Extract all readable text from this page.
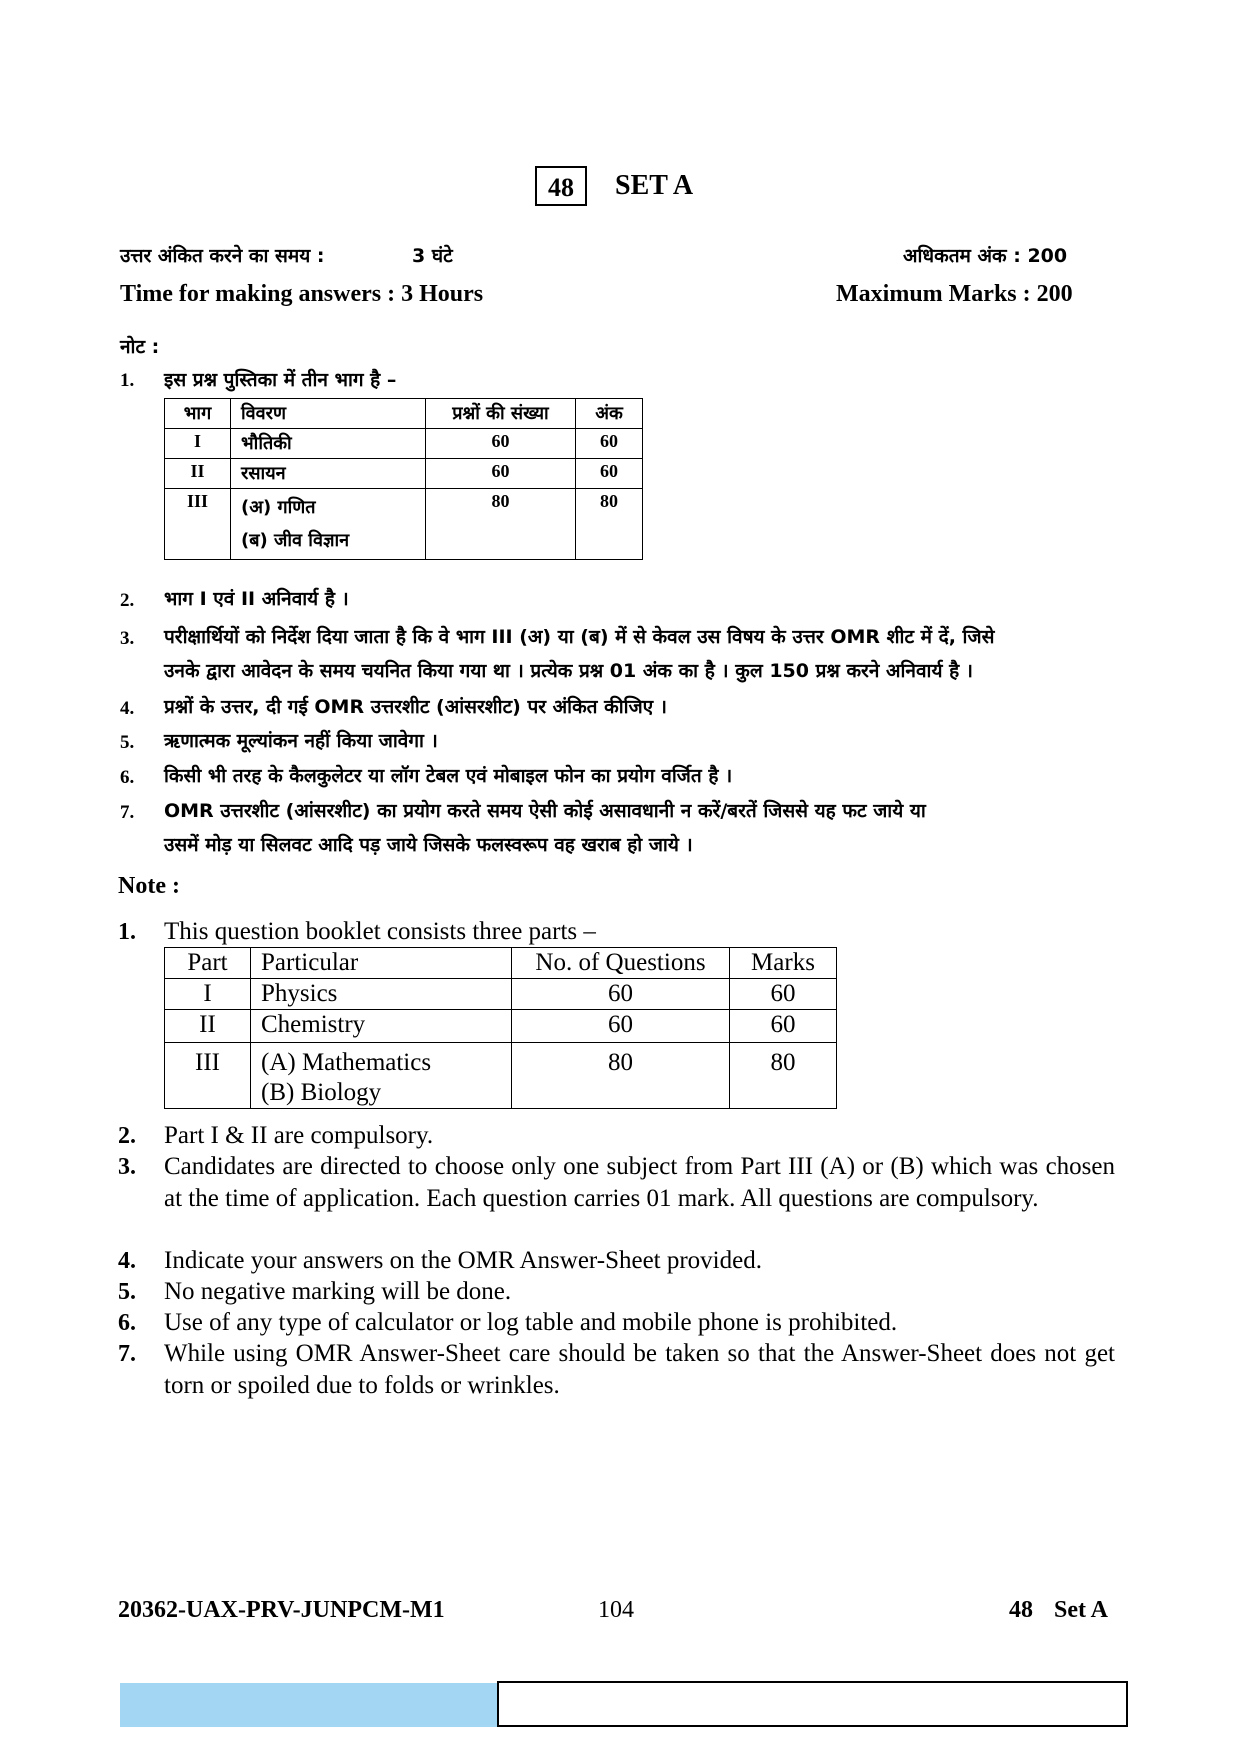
48	SET A
उत्तर अंकित करने का समय :	3 घंटे	अधिकतम अंक : 200
Time for making answers : 3 Hours	Maximum Marks : 200
नोट :
1. इस प्रश्न पुस्तिका में तीन भाग है –
भाग	विवरण	प्रश्नों की संख्या	अंक
I	भौतिकी	60	60
II	रसायन	60	60
III	(अ) गणित
(ब) जीव विज्ञान	80	80
2. भाग I एवं II अनिवार्य है ।
3. परीक्षार्थियों को निर्देश दिया जाता है कि वे भाग III (अ) या (ब) में से केवल उस विषय के उत्तर OMR शीट में दें, जिसे
उनके द्वारा आवेदन के समय चयनित किया गया था । प्रत्येक प्रश्न 01 अंक का है । कुल 150 प्रश्न करने अनिवार्य है ।
4. प्रश्नों के उत्तर, दी गई OMR उत्तरशीट (आंसरशीट) पर अंकित कीजिए ।
5. ऋणात्मक मूल्यांकन नहीं किया जावेगा ।
6. किसी भी तरह के कैलकुलेटर या लॉग टेबल एवं मोबाइल फोन का प्रयोग वर्जित है ।
7. OMR उत्तरशीट (आंसरशीट) का प्रयोग करते समय ऐसी कोई असावधानी न करें/बरतें जिससे यह फट जाये या
उसमें मोड़ या सिलवट आदि पड़ जाये जिसके फलस्वरूप वह खराब हो जाये ।
Note :
1. This question booklet consists three parts –
Part	Particular	No. of Questions	Marks
I	Physics	60	60
II	Chemistry	60	60
III	(A) Mathematics
(B) Biology	80	80
2. Part I & II are compulsory.
3. Candidates are directed to choose only one subject from Part III (A) or (B) which was chosen at the time of application. Each question carries 01 mark. All questions are compulsory.
4. Indicate your answers on the OMR Answer-Sheet provided.
5. No negative marking will be done.
6. Use of any type of calculator or log table and mobile phone is prohibited.
7. While using OMR Answer-Sheet care should be taken so that the Answer-Sheet does not get torn or spoiled due to folds or wrinkles.
20362-UAX-PRV-JUNPCM-M1	104	48 Set A
